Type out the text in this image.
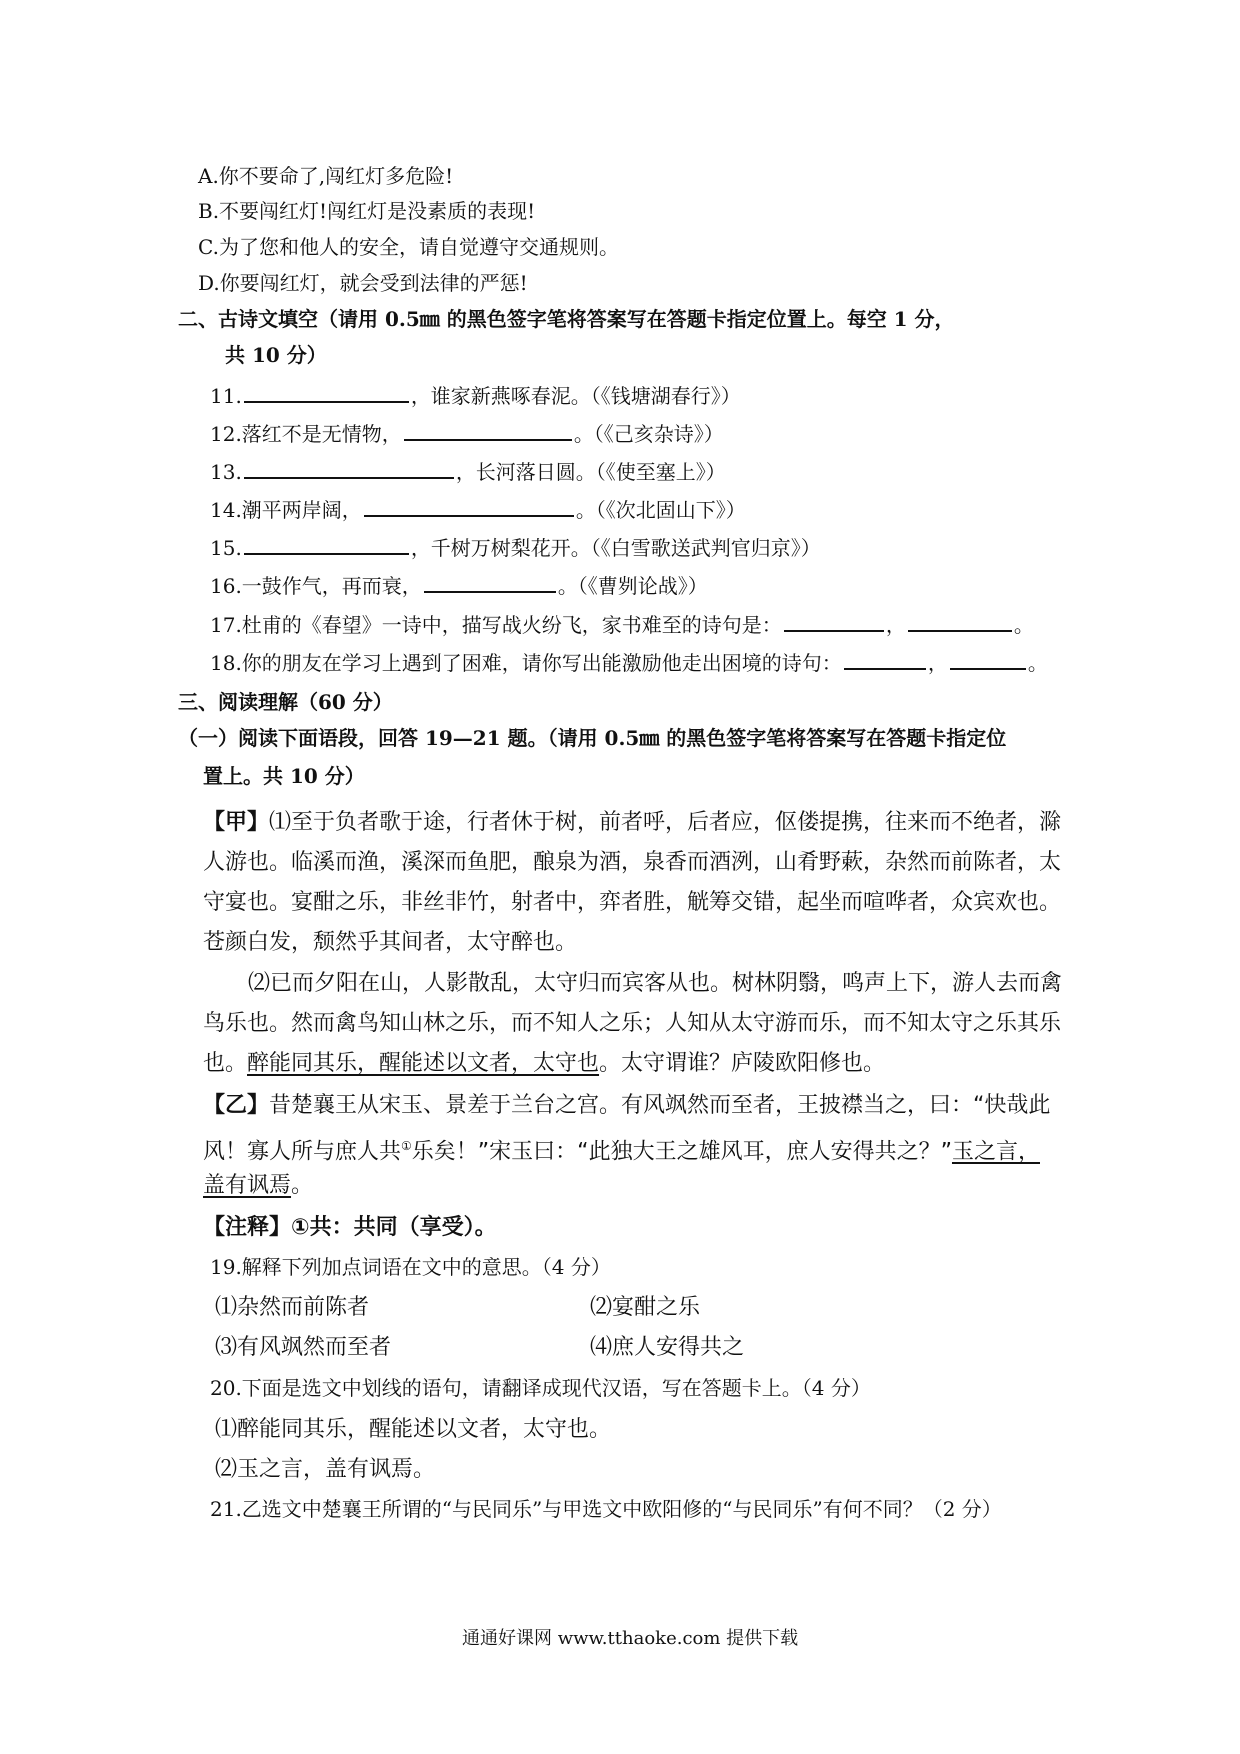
A.你不要命了,闯红灯多危险!
B.不要闯红灯!闯红灯是没素质的表现!
C.为了您和他人的安全，请自觉遵守交通规则。
D.你要闯红灯，就会受到法律的严惩!
二、古诗文填空（请用 0.5㎜ 的黑色签字笔将答案写在答题卡指定位置上。每空 1 分，
共 10 分）
11.	，谁家新燕啄春泥。（《钱塘湖春行》）
12.落红不是无情物，	。（《己亥杂诗》）
13.	，长河落日圆。（《使至塞上》）
14.潮平两岸阔，	。（《次北固山下》）
15.	，千树万树梨花开。（《白雪歌送武判官归京》）
16.一鼓作气，再而衰，	。（《曹刿论战》）
17.杜甫的《春望》一诗中，描写战火纷飞，家书难至的诗句是：	，	。
18.你的朋友在学习上遇到了困难，请你写出能激励他走出困境的诗句：	，	。
三、阅读理解（60 分）
（一）阅读下面语段，回答 19—21 题。（请用 0.5㎜ 的黑色签字笔将答案写在答题卡指定位
置上。共 10 分）
【甲】⑴至于负者歌于途，行者休于树，前者呼，后者应，伛偻提携，往来而不绝者，滁
人游也。临溪而渔，溪深而鱼肥，酿泉为酒，泉香而酒洌，山肴野蔌，杂然而前陈者，太
守宴也。宴酣之乐，非丝非竹，射者中，弈者胜，觥筹交错，起坐而喧哗者，众宾欢也。
苍颜白发，颓然乎其间者，太守醉也。
⑵已而夕阳在山，人影散乱，太守归而宾客从也。树林阴翳，鸣声上下，游人去而禽
鸟乐也。然而禽鸟知山林之乐，而不知人之乐；人知从太守游而乐，而不知太守之乐其乐
也。醉能同其乐，醒能述以文者，太守也。太守谓谁？庐陵欧阳修也。
【乙】昔楚襄王从宋玉、景差于兰台之宫。有风飒然而至者，王披襟当之，曰：“快哉此
风！寡人所与庶人共①乐矣！”宋玉曰：“此独大王之雄风耳，庶人安得共之？”玉之言，
盖有讽焉。
【注释】①共：共同（享受）。
19.解释下列加点词语在文中的意思。（4 分）
⑴杂然而前陈者	⑵宴酣之乐
⑶有风飒然而至者	⑷庶人安得共之
20.下面是选文中划线的语句，请翻译成现代汉语，写在答题卡上。（4 分）
⑴醉能同其乐，醒能述以文者，太守也。
⑵玉之言，盖有讽焉。
21.乙选文中楚襄王所谓的“与民同乐”与甲选文中欧阳修的“与民同乐”有何不同？（2 分）
通通好课网 www.tthaoke.com 提供下载
